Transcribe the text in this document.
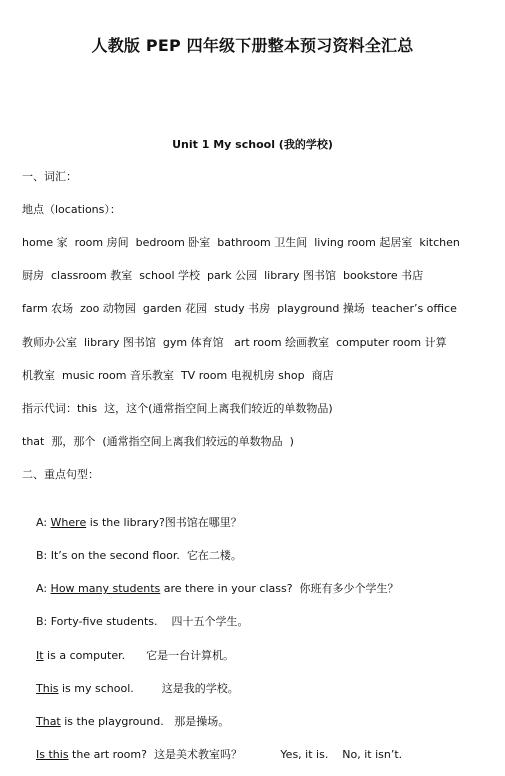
人教版 PEP 四年级下册整本预习资料全汇总
Unit 1 My school (我的学校)
一、词汇：
地点（locations）：
home 家  room 房间  bedroom 卧室  bathroom 卫生间  living room 起居室  kitchen
厨房  classroom 教室  school 学校  park 公园  library 图书馆  bookstore 书店
farm 农场  zoo 动物园  garden 花园  study 书房  playground 操场  teacher’s office
教师办公室  library 图书馆  gym 体育馆   art room 绘画教室  computer room 计算
机教室  music room 音乐教室  TV room 电视机房 shop  商店
指示代词：this  这，这个(通常指空间上离我们较近的单数物品)
that  那，那个  (通常指空间上离我们较远的单数物品  )
二、重点句型：

A: Where is the library?图书馆在哪里？

B: It’s on the second floor.  它在二楼。

A: How many students are there in your class?  你班有多少个学生？

B: Forty-five students.    四十五个学生。

It is a computer.      它是一台计算机。

This is my school.        这是我的学校。

That is the playground.   那是操场。

Is this the art room?  这是美术教室吗？           Yes, it is.    No, it isn’t.
